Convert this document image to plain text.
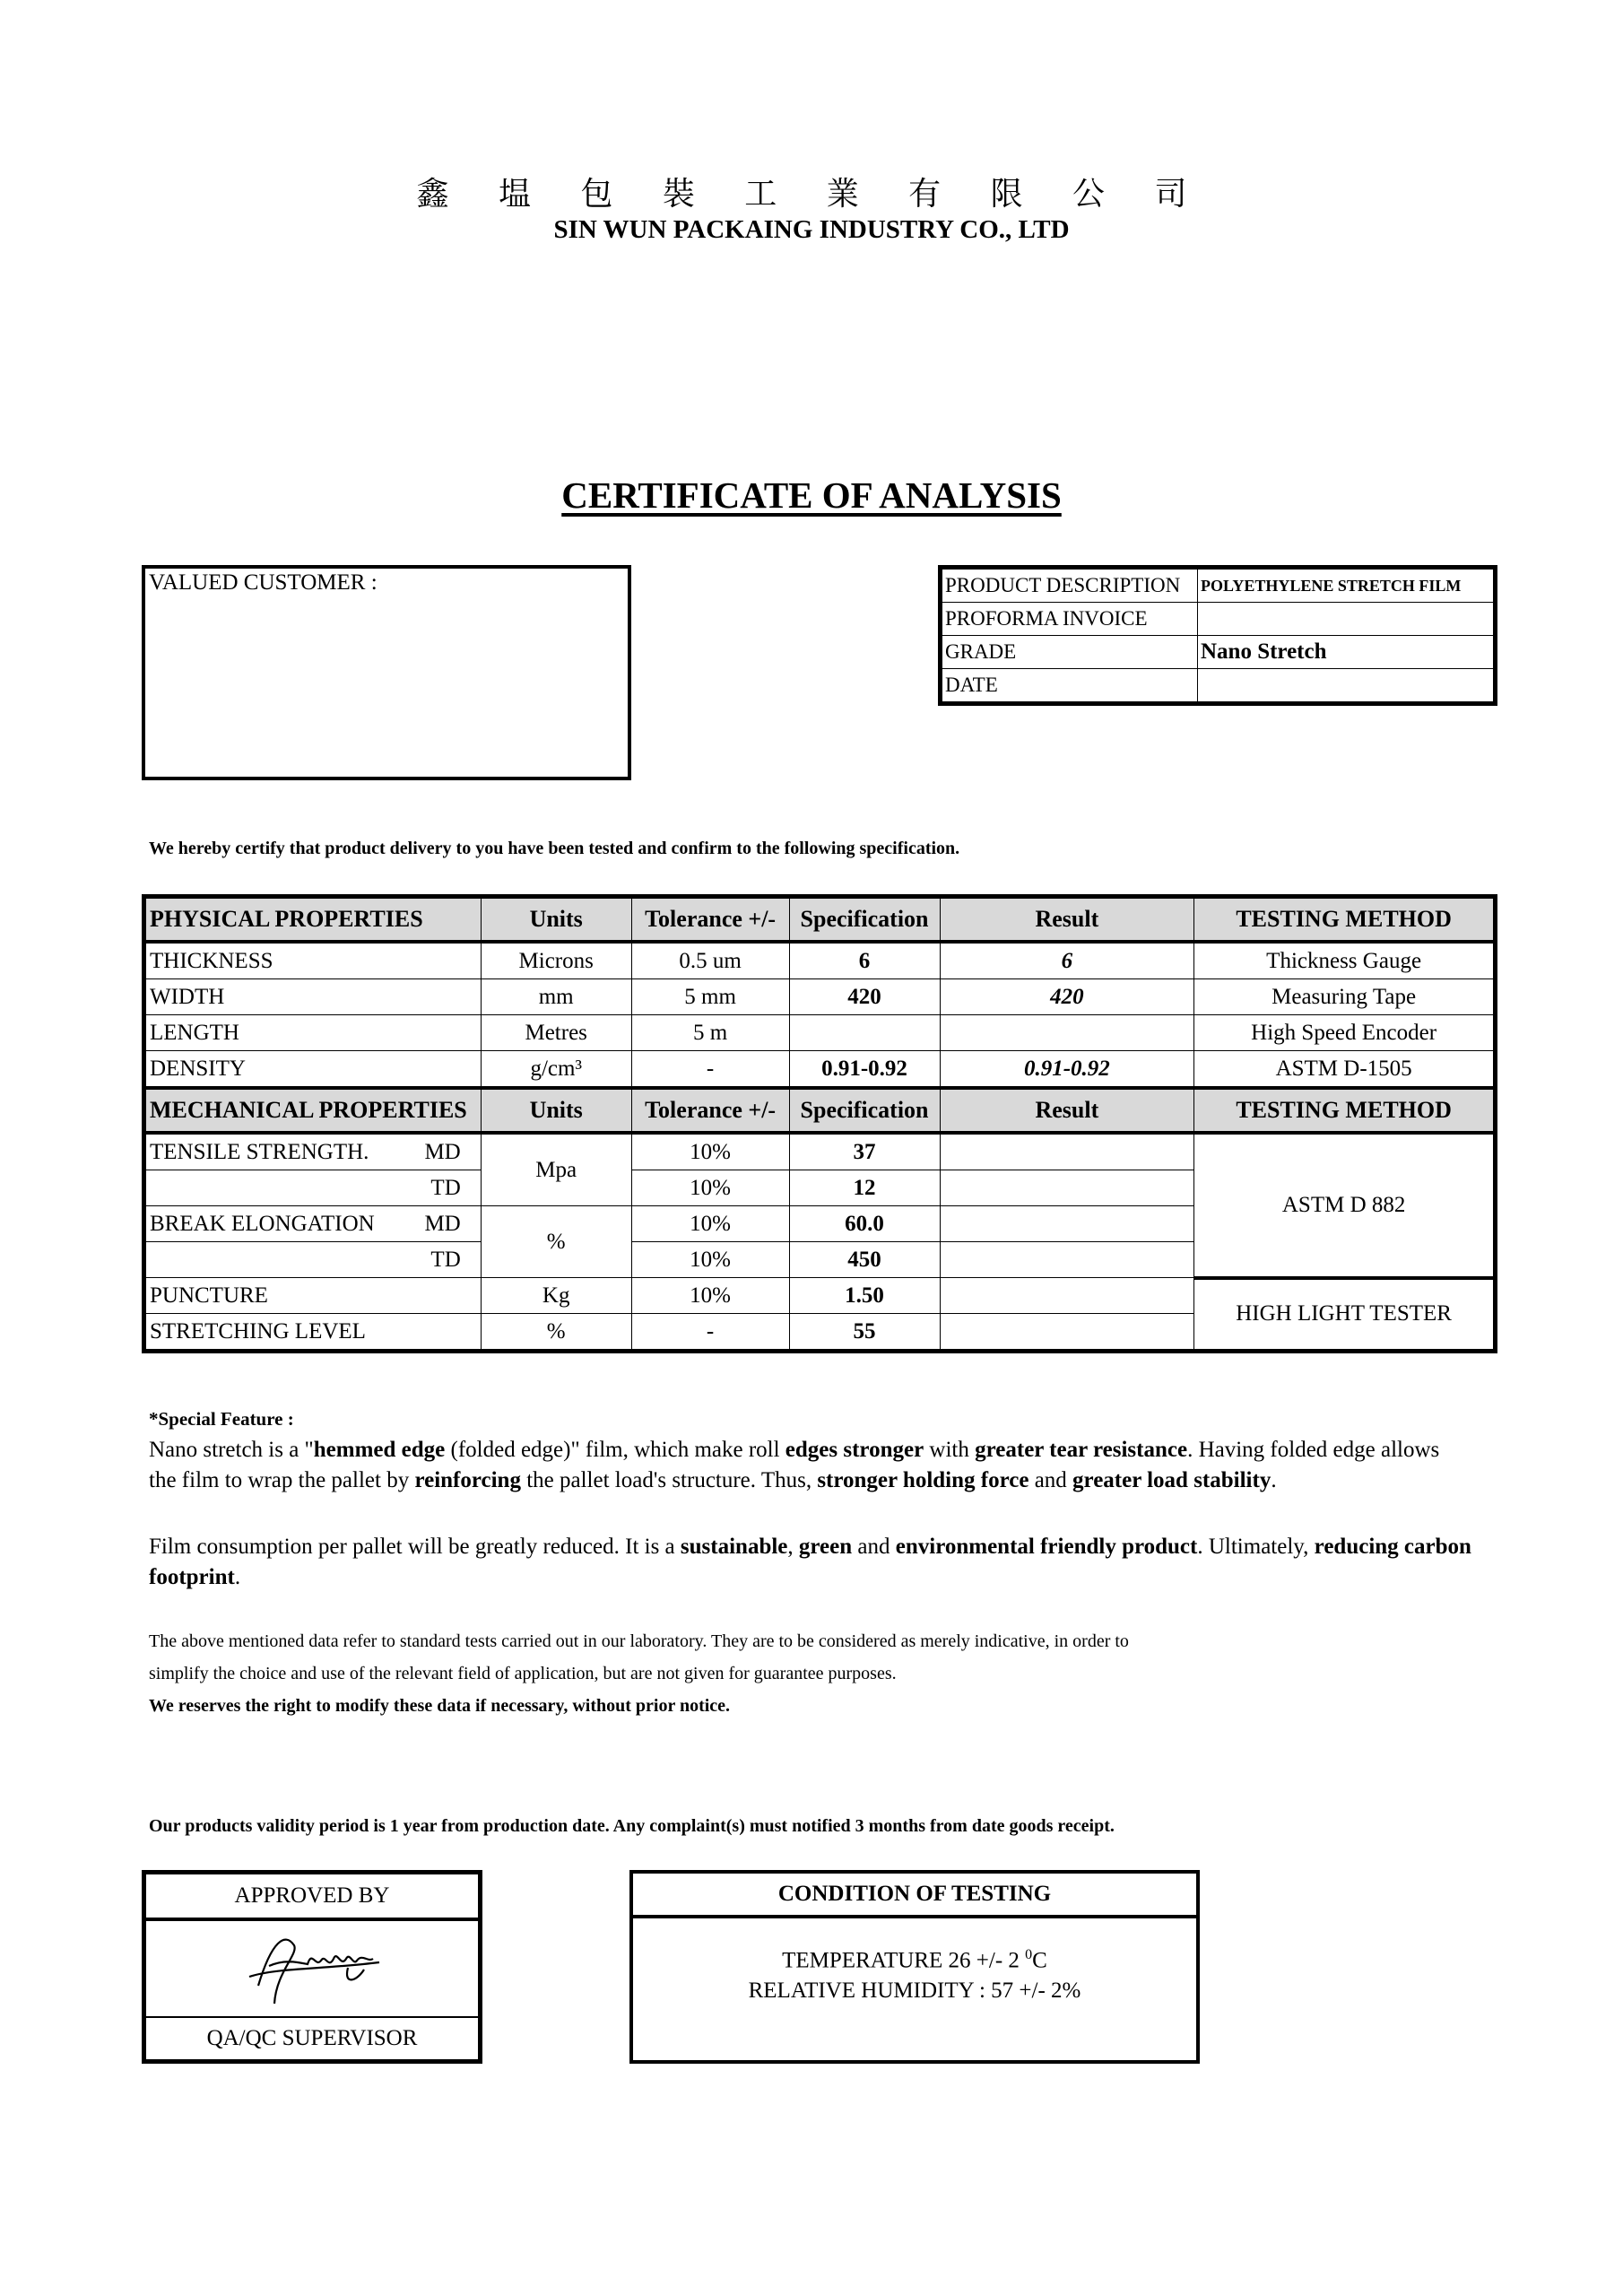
鑫 塭 包 裝 工 業 有 限 公 司
SIN WUN PACKAING INDUSTRY CO., LTD
CERTIFICATE OF ANALYSIS
VALUED CUSTOMER :	PRODUCT DESCRIPTION	POLYETHYLENE STRETCH FILM
PROFORMA INVOICE	
GRADE	Nano Stretch
DATE	
We hereby certify that product delivery to you have been tested and confirm to the following specification.
PHYSICAL PROPERTIES	Units	Tolerance +/-	Specification	Result	TESTING METHOD
THICKNESS	Microns	0.5 um	6	6	Thickness Gauge
WIDTH	mm	5 mm	420	420	Measuring Tape
LENGTH	Metres	5 m			High Speed Encoder
DENSITY	g/cm³	-	0.91-0.92	0.91-0.92	ASTM D-1505
MECHANICAL PROPERTIES	Units	Tolerance +/-	Specification	Result	TESTING METHOD
TENSILE STRENGTH. MD	Mpa	10%	37		ASTM D 882

TD		10%	12		
BREAK ELONGATION MD	%	10%	60.0		

TD		10%	450		
PUNCTURE	Kg	10%	1.50		HIGH LIGHT TESTER
STRETCHING LEVEL	%	-	55		
*Special Feature :
Nano stretch is a "hemmed edge (folded edge)" film, which make roll edges stronger with greater tear resistance. Having folded edge allows the film to wrap the pallet by reinforcing the pallet load's structure. Thus, stronger holding force and greater load stability.
Film consumption per pallet will be greatly reduced. It is a sustainable, green and environmental friendly product. Ultimately, reducing carbon footprint.
The above mentioned data refer to standard tests carried out in our laboratory. They are to be considered as merely indicative, in order to
simplify the choice and use of the relevant field of application, but are not given for guarantee purposes.
We reserves the right to modify these data if necessary, without prior notice.
Our products validity period is 1 year from production date. Any complaint(s) must notified 3 months from date goods receipt.
APPROVED BY

QA/QC SUPERVISOR
CONDITION OF TESTING
TEMPERATURE 26 +/- 2 $^0$C
RELATIVE HUMIDITY : 57 +/- 2%
